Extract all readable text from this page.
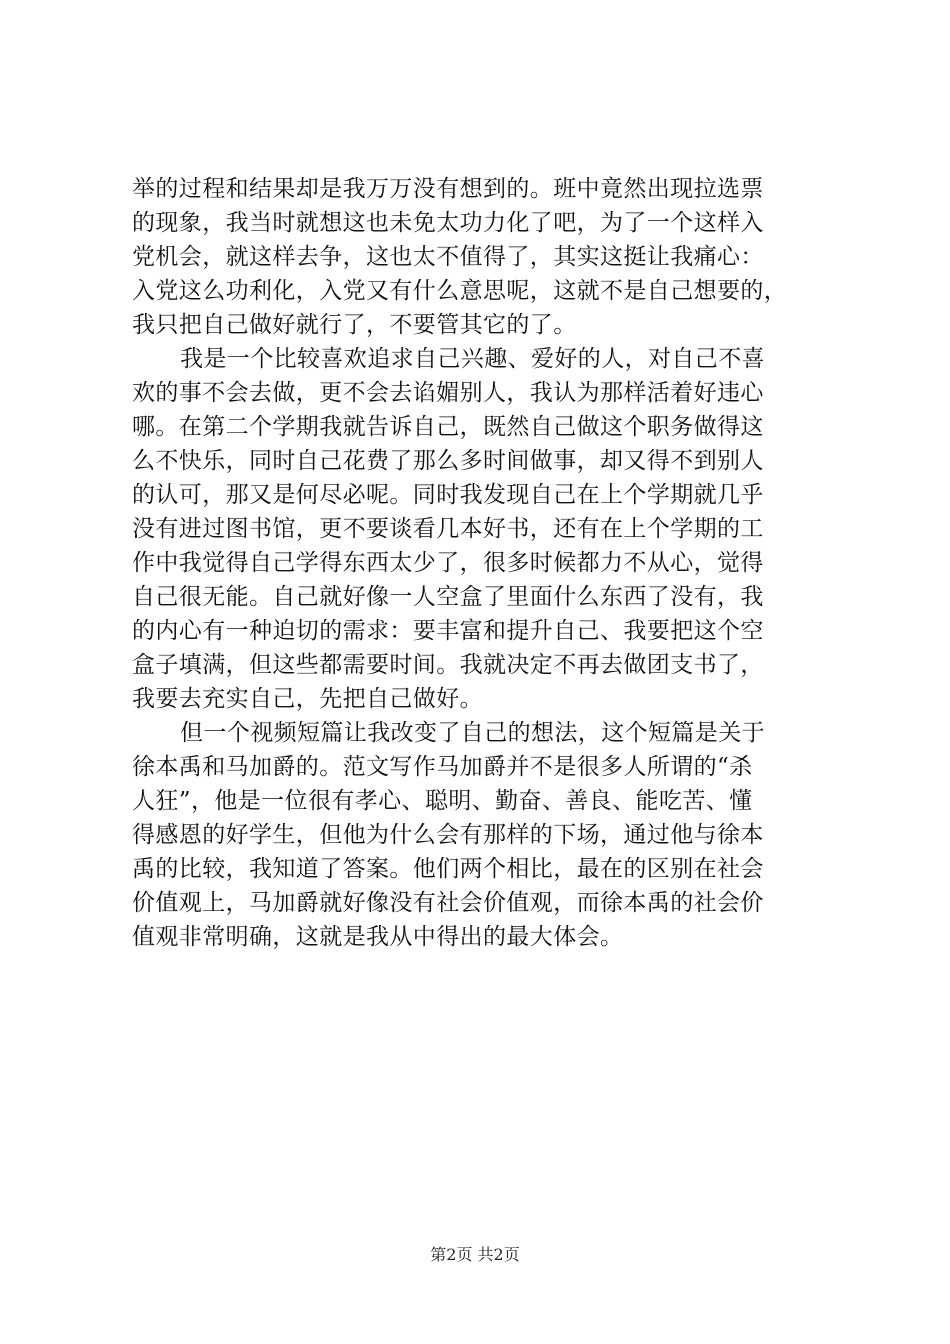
举的过程和结果却是我万万没有想到的。班中竟然出现拉选票
的现象，我当时就想这也未免太功力化了吧，为了一个这样入
党机会，就这样去争，这也太不值得了，其实这挺让我痛心：
入党这么功利化，入党又有什么意思呢，这就不是自己想要的，
我只把自己做好就行了，不要管其它的了。
我是一个比较喜欢追求自己兴趣、爱好的人，对自己不喜
欢的事不会去做，更不会去谄媚别人，我认为那样活着好违心
哪。在第二个学期我就告诉自己，既然自己做这个职务做得这
么不快乐，同时自己花费了那么多时间做事，却又得不到别人
的认可，那又是何尽必呢。同时我发现自己在上个学期就几乎
没有进过图书馆，更不要谈看几本好书，还有在上个学期的工
作中我觉得自己学得东西太少了，很多时候都力不从心，觉得
自己很无能。自己就好像一人空盒了里面什么东西了没有，我
的内心有一种迫切的需求：要丰富和提升自己、我要把这个空
盒子填满，但这些都需要时间。我就决定不再去做团支书了，
我要去充实自己，先把自己做好。
但一个视频短篇让我改变了自己的想法，这个短篇是关于
徐本禹和马加爵的。范文写作马加爵并不是很多人所谓的“杀
人狂”，他是一位很有孝心、聪明、勤奋、善良、能吃苦、懂
得感恩的好学生，但他为什么会有那样的下场，通过他与徐本
禹的比较，我知道了答案。他们两个相比，最在的区别在社会
价值观上，马加爵就好像没有社会价值观，而徐本禹的社会价
值观非常明确，这就是我从中得出的最大体会。
第2页 共2页
